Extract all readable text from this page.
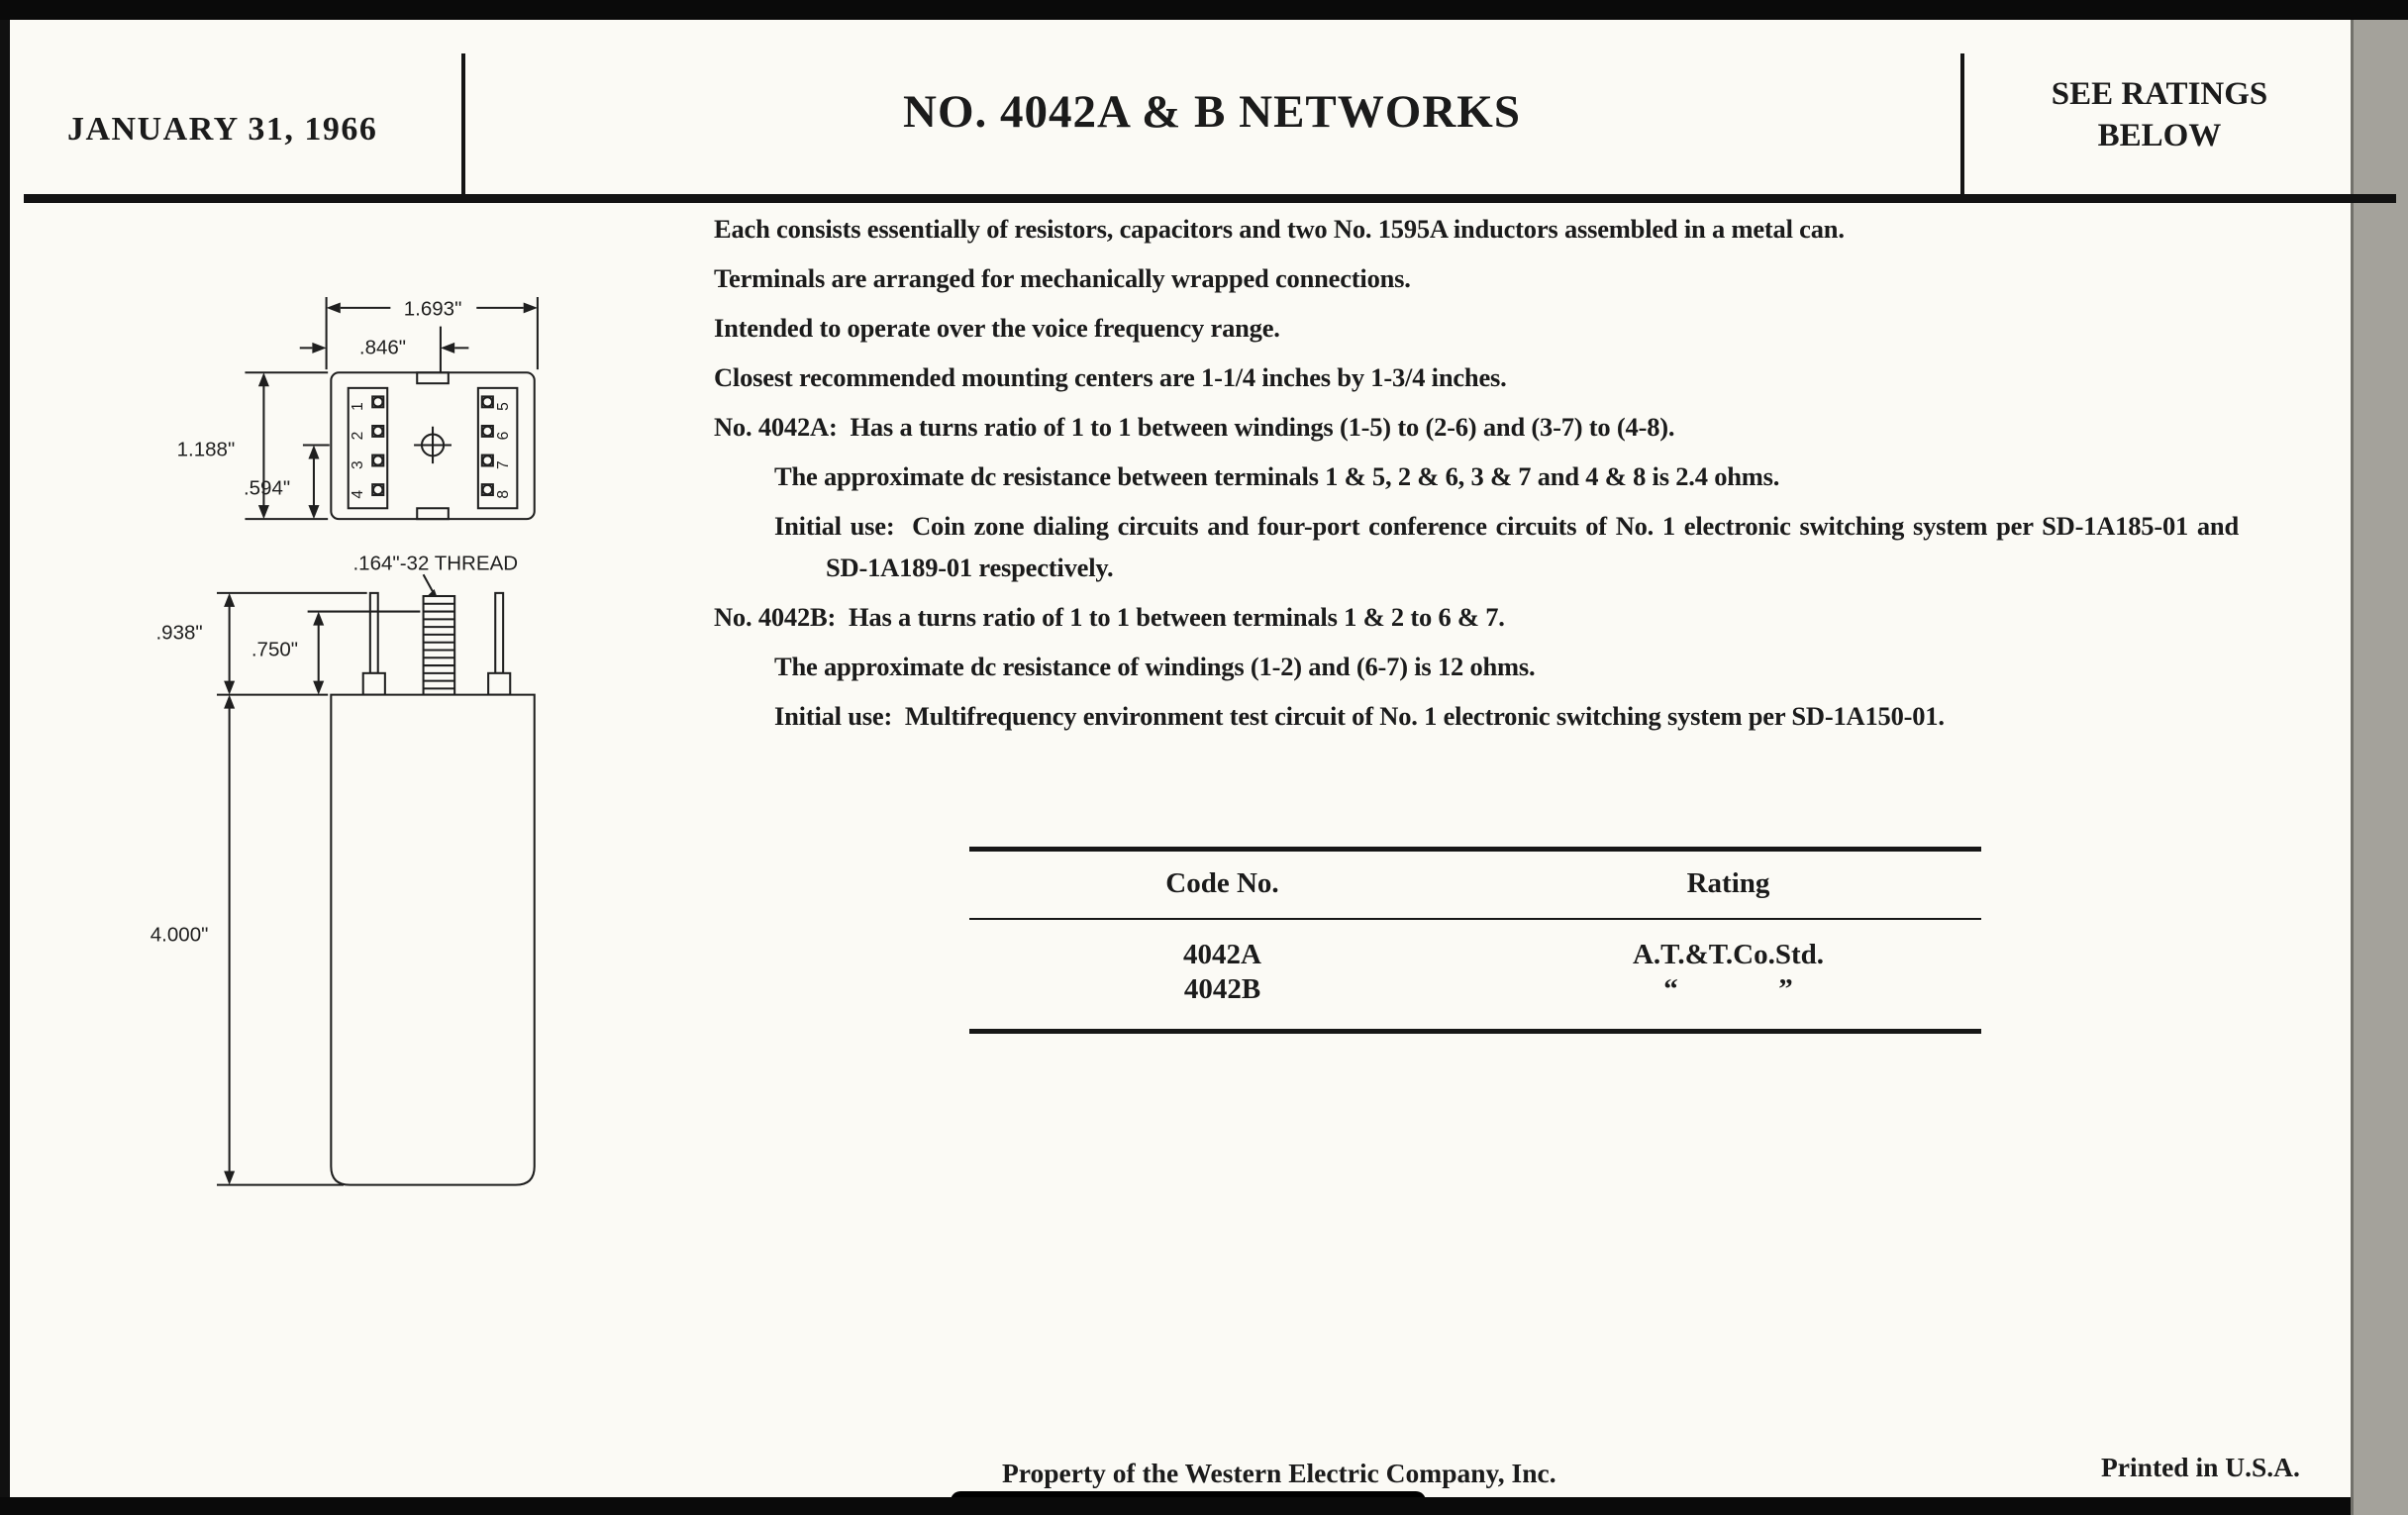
JANUARY 31, 1966	NO. 4042A & B NETWORKS	SEE RATINGS
BELOW

Each consists essentially of resistors, capacitors and two No. 1595A inductors assembled in a metal can.

Terminals are arranged for mechanically wrapped connections.

Intended to operate over the voice frequency range.

Closest recommended mounting centers are 1-1/4 inches by 1-3/4 inches.

No. 4042A:  Has a turns ratio of 1 to 1 between windings (1-5) to (2-6) and (3-7) to (4-8).

The approximate dc resistance between terminals 1 & 5, 2 & 6, 3 & 7 and 4 & 8 is 2.4 ohms.

Initial use:  Coin zone dialing circuits and four-port conference circuits of No. 1 electronic switching system per SD-1A185-01 and SD-1A189-01 respectively.

No. 4042B:  Has a turns ratio of 1 to 1 between terminals 1 & 2 to 6 & 7.

The approximate dc resistance of windings (1-2) and (6-7) is 12 ohms.

Initial use:  Multifrequency environment test circuit of No. 1 electronic switching system per SD-1A150-01.

1.693"
.846"
1.188"
.594"
.164"-32 THREAD
.938"
.750"
4.000"
1
2
3
4
5
6
7
8
Code No.	Rating
4042A	A.T.&T.Co.Std.
4042B	“              ”
Property of the Western Electric Company, Inc.	Printed in U.S.A.
